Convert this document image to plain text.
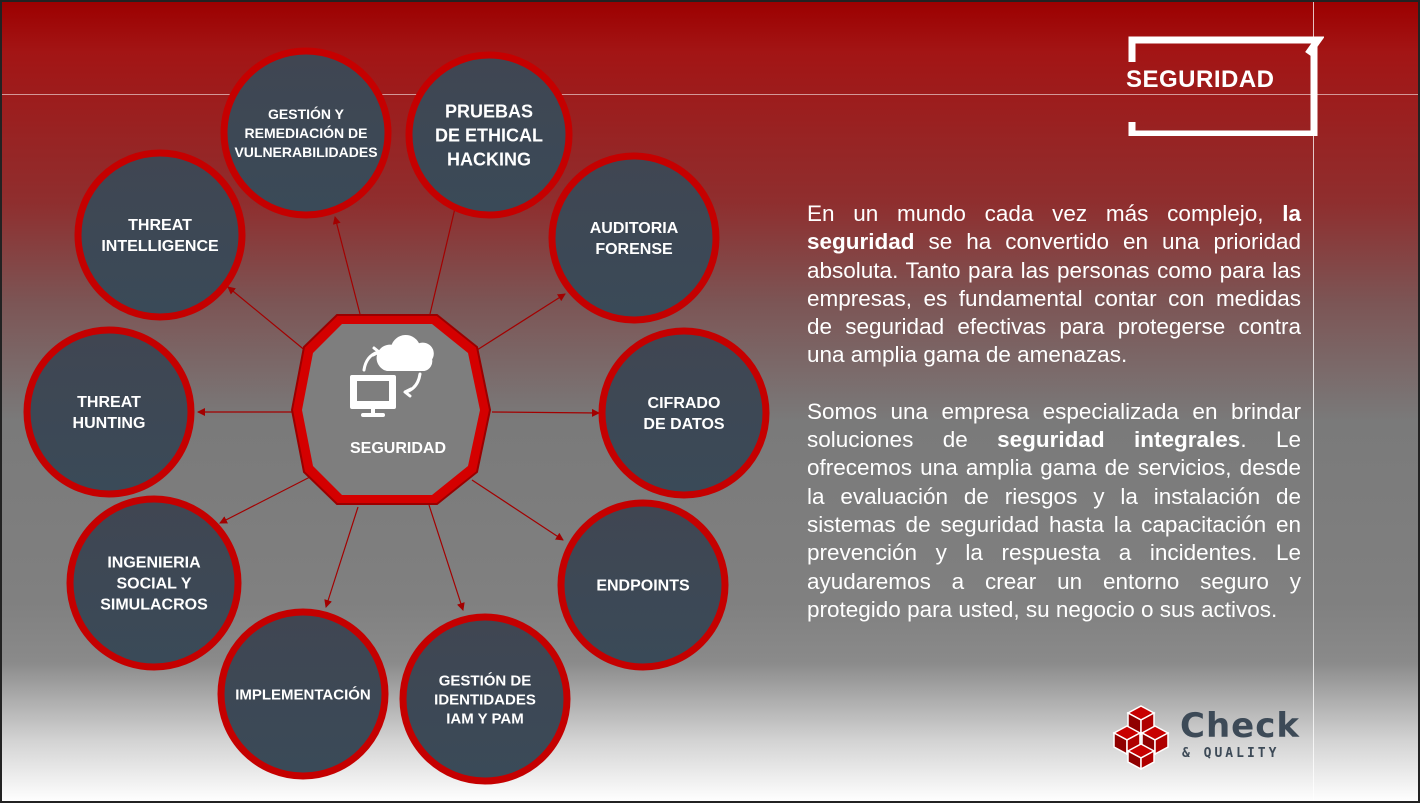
SEGURIDAD
GESTIÓN Y
REMEDIACIÓN DE
VULNERABILIDADES
PRUEBAS
DE ETHICAL
HACKING
AUDITORIA
FORENSE
CIFRADO
DE DATOS
ENDPOINTS
GESTIÓN DE
IDENTIDADES
IAM Y PAM
IMPLEMENTACIÓN
INGENIERIA
SOCIAL Y
SIMULACROS
THREAT
HUNTING
THREAT
INTELLIGENCE
SEGURIDAD

En un mundo cada vez más complejo, la seguridad se ha convertido en una prioridad absoluta. Tanto para las personas como para las empresas, es fundamental contar con medidas de seguridad efectivas para protegerse contra una amplia gama de amenazas.

Somos una empresa especializada en brindar soluciones de seguridad integrales. Le ofrecemos una amplia gama de servicios, desde la evaluación de riesgos y la instalación de sistemas de seguridad hasta la capacitación en prevención y la respuesta a incidentes. Le ayudaremos a crear un entorno seguro y protegido para usted, su negocio o sus activos.

Check
& QUALITY
